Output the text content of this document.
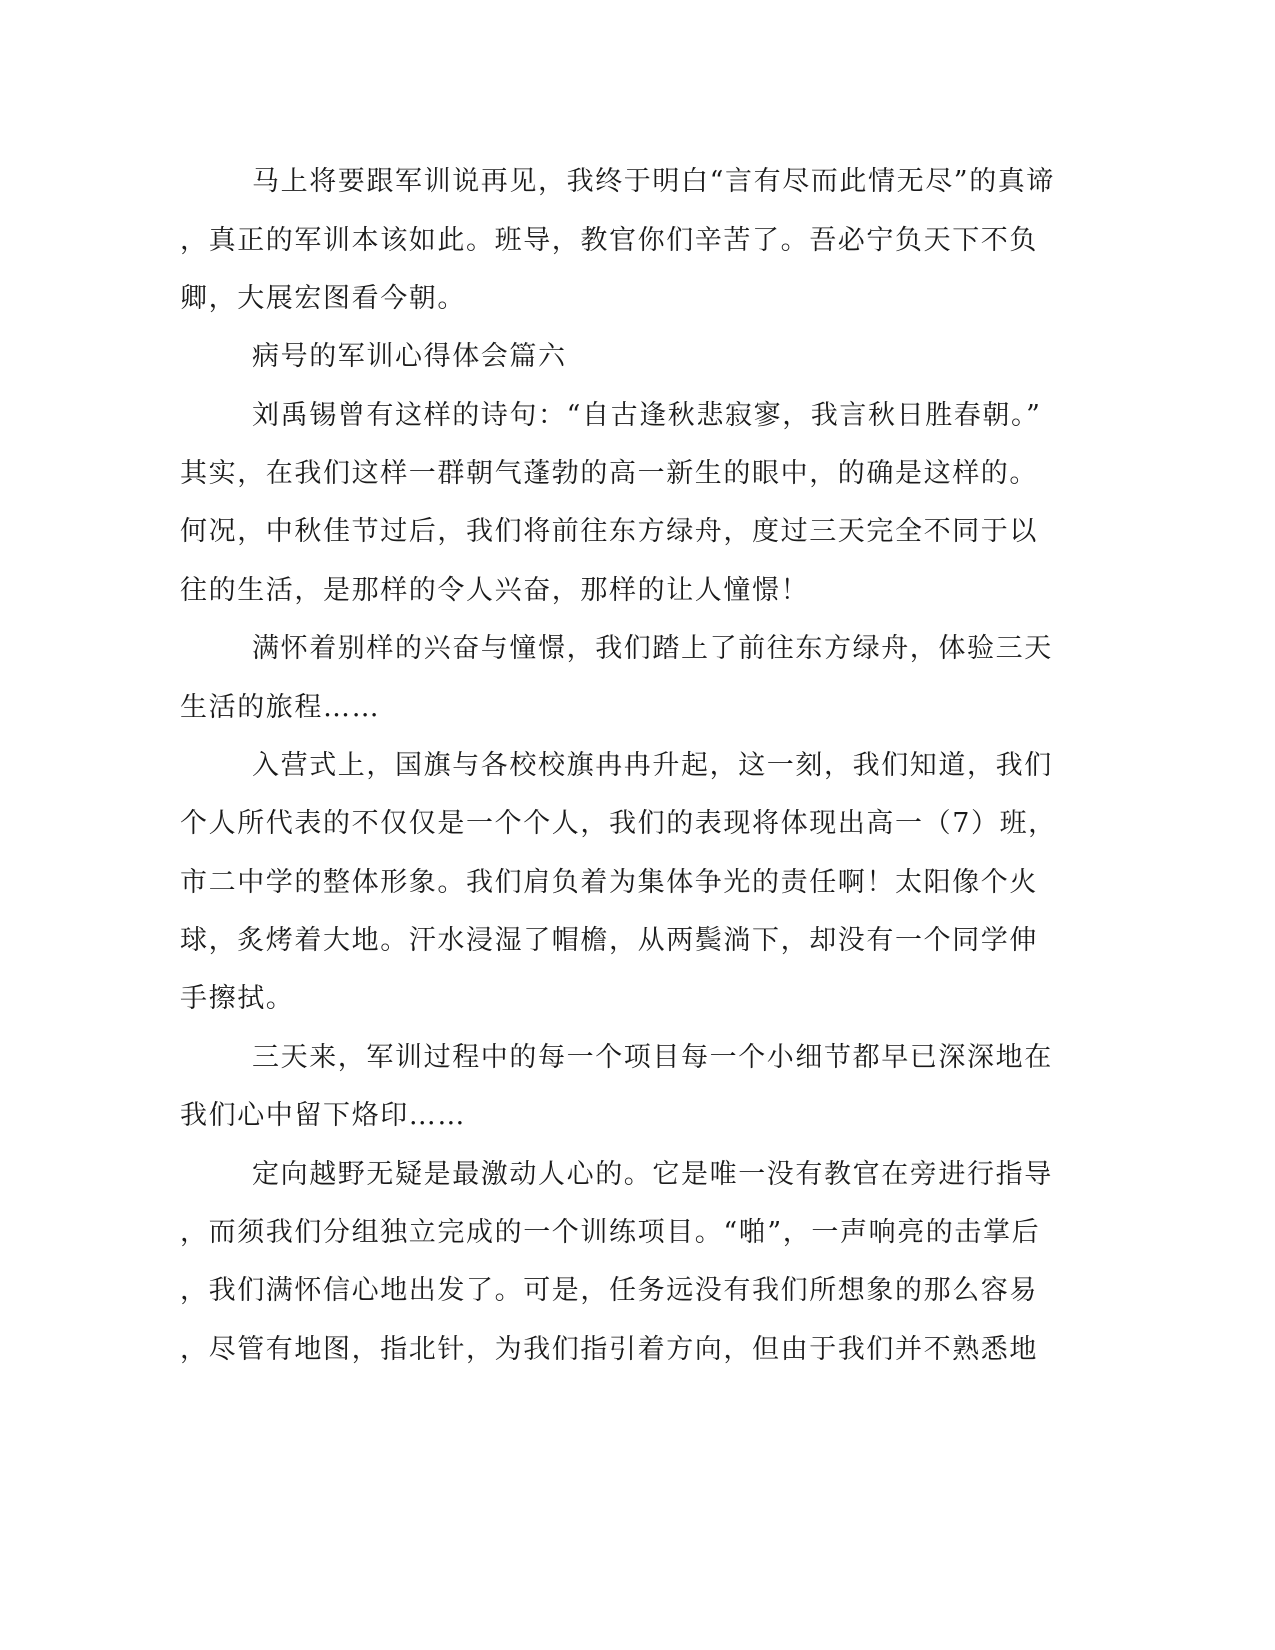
马上将要跟军训说再见，我终于明白“言有尽而此情无尽”的真谛
，真正的军训本该如此。班导，教官你们辛苦了。吾必宁负天下不负
卿，大展宏图看今朝。
病号的军训心得体会篇六
刘禹锡曾有这样的诗句：“自古逢秋悲寂寥，我言秋日胜春朝。”
其实，在我们这样一群朝气蓬勃的高一新生的眼中，的确是这样的。
何况，中秋佳节过后，我们将前往东方绿舟，度过三天完全不同于以
往的生活，是那样的令人兴奋，那样的让人憧憬！
满怀着别样的兴奋与憧憬，我们踏上了前往东方绿舟，体验三天
生活的旅程……
入营式上，国旗与各校校旗冉冉升起，这一刻，我们知道，我们
个人所代表的不仅仅是一个个人，我们的表现将体现出高一（7）班，
市二中学的整体形象。我们肩负着为集体争光的责任啊！太阳像个火
球，炙烤着大地。汗水浸湿了帽檐，从两鬓淌下，却没有一个同学伸
手擦拭。
三天来，军训过程中的每一个项目每一个小细节都早已深深地在
我们心中留下烙印……
定向越野无疑是最激动人心的。它是唯一没有教官在旁进行指导
，而须我们分组独立完成的一个训练项目。“啪”，一声响亮的击掌后
，我们满怀信心地出发了。可是，任务远没有我们所想象的那么容易
，尽管有地图，指北针，为我们指引着方向，但由于我们并不熟悉地
